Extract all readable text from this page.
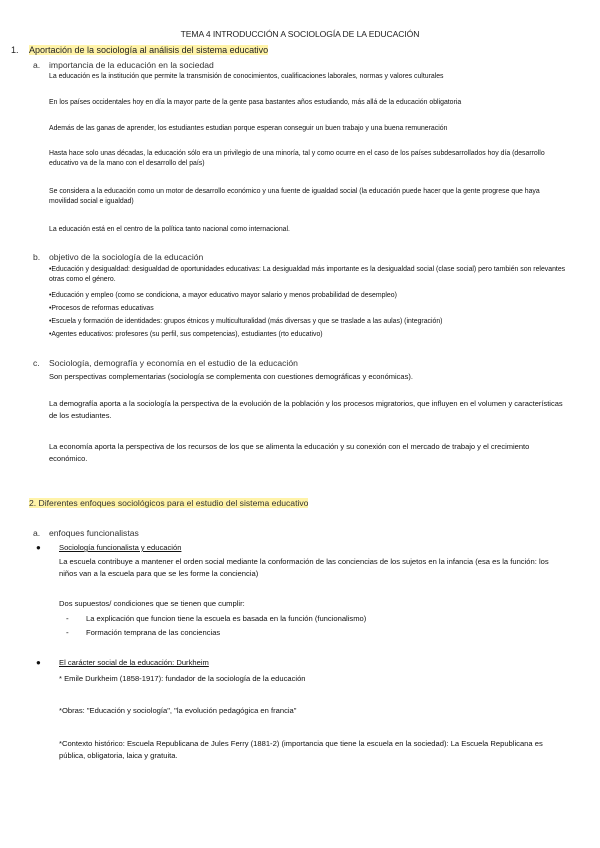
TEMA 4 INTRODUCCIÓN A SOCIOLOGÍA DE LA EDUCACIÓN
1. Aportación de la sociología al análisis del sistema educativo
a. importancia de la educación en la sociedad
La educación es la institución que permite la transmisión de conocimientos, cualificaciones laborales, normas y valores culturales
En los países occidentales hoy en día la mayor parte de la gente pasa bastantes años estudiando, más allá de la educación obligatoria
Además de las ganas de aprender, los estudiantes estudian porque esperan conseguir un buen trabajo y una buena remuneración
Hasta hace solo unas décadas, la educación sólo era un privilegio de una minoría, tal y como ocurre en el caso de los países subdesarrollados hoy día (desarrollo educativo va de la mano con el desarrollo del país)
Se considera a la educación como un motor de desarrollo económico y una fuente de igualdad social (la educación puede hacer que la gente progrese que haya movilidad social e igualdad)
La educación está en el centro de la política tanto nacional como internacional.
b. objetivo de la sociología de la educación
•Educación y desigualdad: desigualdad de oportunidades educativas: La desigualdad más importante es la desigualdad social (clase social) pero también son relevantes otras como el género.
•Educación y empleo (como se condiciona, a mayor educativo mayor salario y menos probabilidad de desempleo)
•Procesos de reformas educativas
•Escuela y formación de identidades: grupos étnicos y multiculturalidad (más diversas y que se traslade a las aulas) (integración)
•Agentes educativos: profesores (su perfil, sus competencias), estudiantes (rto educativo)
c. Sociología, demografía y economía en el estudio de la educación
Son perspectivas complementarias (sociología se complementa con cuestiones demográficas y económicas).
La demografía aporta a la sociología la perspectiva de la evolución de la población y los procesos migratorios, que influyen en el volumen y características de los estudiantes.
La economía aporta la perspectiva de los recursos de los que se alimenta la educación y su conexión con el mercado de trabajo y el crecimiento económico.
2. Diferentes enfoques sociológicos para el estudio del sistema educativo
a. enfoques funcionalistas
● Sociología funcionalista y educación
La escuela contribuye a mantener el orden social mediante la conformación de las conciencias de los sujetos en la infancia (esa es la función: los niños van a la escuela para que se les forme la conciencia)
Dos supuestos/ condiciones que se tienen que cumplir:
- La explicación que funcion tiene la escuela es basada en la función (funcionalismo)
- Formación temprana de las conciencias
● El carácter social de la educación: Durkheim
* Emile Durkheim (1858-1917): fundador de la sociología de la educación
*Obras: "Educación y sociología", "la evolución pedagógica en francia"
*Contexto histórico: Escuela Republicana de Jules Ferry (1881-2) (importancia que tiene la escuela en la sociedad): La Escuela Republicana es pública, obligatoria, laica y gratuita.
